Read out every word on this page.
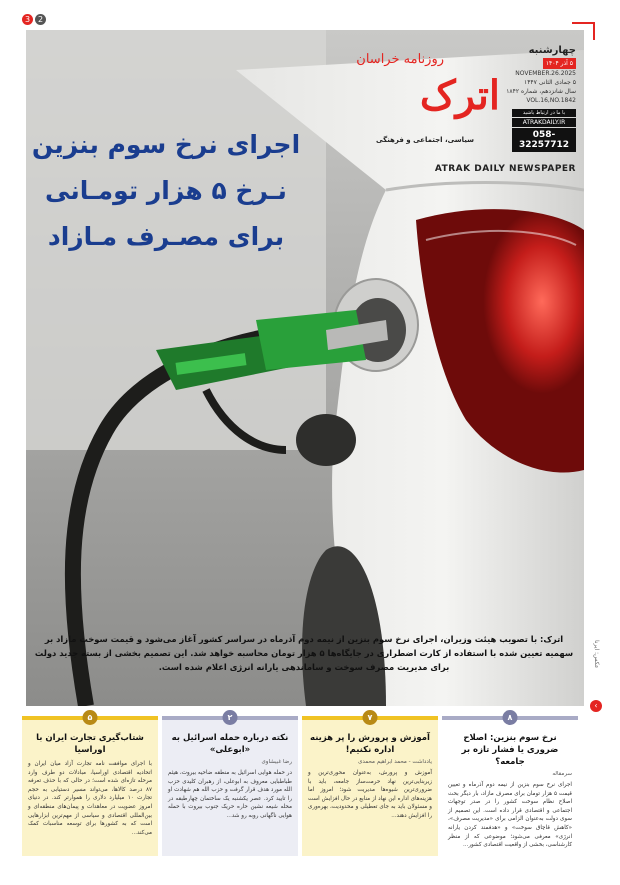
3 2
اجرای نرخ سوم بنزین
نـرخ ۵ هزار تومـانی
برای مصـرف مـازاد
چهارشنبه
۵ آذر ۱۴۰۴
NOVEMBER.26.2025
۵ جمادی الثانی ۱۴۴۷
سال شانزدهم، شماره ۱۸۴۲
VOL.16,NO.1842
با ما در ارتباط باشید
ATRAKDAILY.IR
058-32257712
روزنامه خراسان
اترک
سیاسی، اجتماعی و فرهنگی
ATRAK DAILY NEWSPAPER
اترک: با تصویب هیئت وزیران، اجرای نرخ سوم بنزین از نیمه دوم آذرماه در سراسر کشور آغاز می‌شود و قیمت سوخت مازاد بر سهمیه تعیین شده با استفاده از کارت اضطراری در جایگاه‌ها ۵ هزار تومان محاسبه خواهد شد. این تصمیم بخشی از بسته جدید دولت برای مدیریت مصرف سوخت و ساماندهی یارانه انرژی اعلام شده است.	عکس: ایرنا
›
۸
نرخ سوم بنزین: اصلاح ضروری یا فشار تازه بر جامعه؟
سرمقاله

اجرای نرخ سوم بنزین از نیمه دوم آذرماه و تعیین قیمت ۵ هزار تومان برای مصرف مازاد، بار دیگر بحث اصلاح نظام سوخت کشور را در صدر توجهات اجتماعی و اقتصادی قرار داده است. این تصمیم از سوی دولت به‌عنوان الزامی برای «مدیریت مصرف»، «کاهش قاچاق سوخت» و «هدفمند کردن یارانه انرژی» معرفی می‌شود؛ موضوعی که از منظر کارشناسی، بخشی از واقعیت اقتصادی کشور...

۷
آموزش و پرورش را پر هزینه اداره نکنیم!
یادداشت - محمد ابراهیم محمدی

آموزش و پرورش، به‌عنوان محوری‌ترین و زیربنایی‌ترین نهاد حرمت‌ساز جامعه، باید با ضروری‌ترین شیوه‌ها مدیریت شود؛ امروز اما هزینه‌های اداره این نهاد از منابع در حال افزایش است و مسئولان باید به جای تعطیلی و محدودیت، بهره‌وری را افزایش دهند...

۲
نکته درباره حمله اسرائیل به «ابوعلی»
رضا غبیشاوی

در حمله هوایی اسرائیل به منطقه ضاحیه بیروت، هیثم طباطبایی معروف به ابوعلی، از رهبران کلیدی حزب الله مورد هدف قرار گرفت و حزب الله هم شهادت او را تایید کرد. عصر یکشنبه یک ساختمان چهارطبقه در محله شیعه نشین حاره حریک جنوب بیروت با حمله هوایی ناگهانی روبه رو شد...

۵
شتاب‌گیری تجارت ایران با اوراسیا

با اجرای موافقت نامه تجارت آزاد میان ایران و اتحادیه اقتصادی اوراسیا، مبادلات دو طرف وارد مرحله تازه‌ای شده است؛ در حالی که با حذف تعرفه ۸۷ درصد کالاها، می‌تواند مسیر دستیابی به حجم تجارت ۱۰ میلیارد دلاری را هموارتر کند. در دنیای امروز عضویت در معاهدات و پیمان‌های منطقه‌ای و بین‌المللی اقتصادی و سیاسی از مهم‌ترین ابزارهایی است که به کشورها برای توسعه مناسبات کمک می‌کند...
